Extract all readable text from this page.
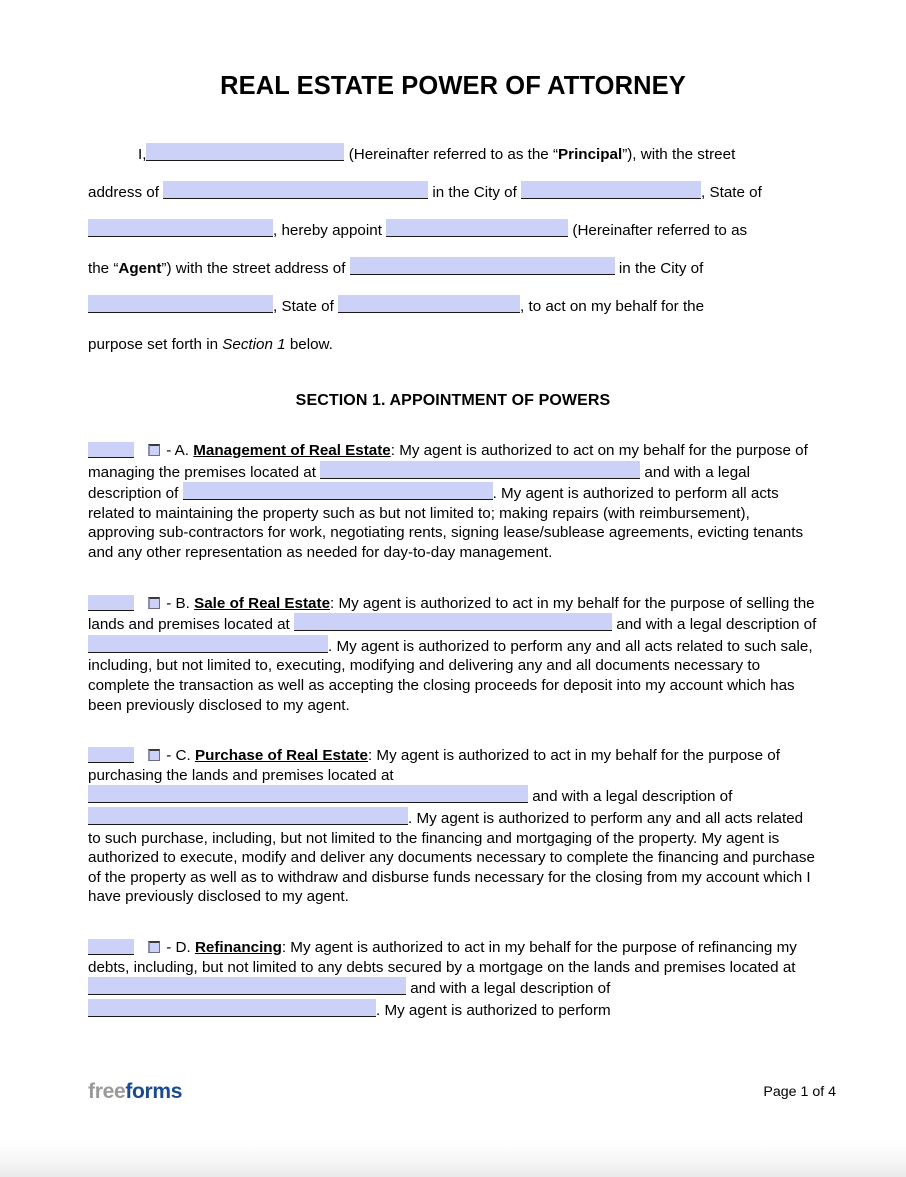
REAL ESTATE POWER OF ATTORNEY
I,	(Hereinafter referred to as the “Principal”), with the street
address of	in the City of	, State of
, hereby appoint	(Hereinafter referred to as
the “Agent”) with the street address of	in the City of
, State of	, to act on my behalf for the
purpose set forth in Section 1 below.
SECTION 1. APPOINTMENT OF POWERS
- A. Management of Real Estate: My agent is authorized to act on my behalf for the purpose of managing the premises located at	and with a legal description of	. My agent is authorized to perform all acts related to maintaining the property such as but not limited to; making repairs (with reimbursement), approving sub-contractors for work, negotiating rents, signing lease/sublease agreements, evicting tenants and any other representation as needed for day-to-day management.
- B. Sale of Real Estate: My agent is authorized to act in my behalf for the purpose of selling the lands and premises located at	and with a legal description of . My agent is authorized to perform any and all acts related to such sale, including, but not limited to, executing, modifying and delivering any and all documents necessary to complete the transaction as well as accepting the closing proceeds for deposit into my account which has been previously disclosed to my agent.
- C. Purchase of Real Estate: My agent is authorized to act in my behalf for the purpose of purchasing the lands and premises located at  and with a legal description of . My agent is authorized to perform any and all acts related to such purchase, including, but not limited to the financing and mortgaging of the property. My agent is authorized to execute, modify and deliver any documents necessary to complete the financing and purchase of the property as well as to withdraw and disburse funds necessary for the closing from my account which I have previously disclosed to my agent.
- D. Refinancing: My agent is authorized to act in my behalf for the purpose of refinancing my debts, including, but not limited to any debts secured by a mortgage on the lands and premises located at  and with a legal description of . My agent is authorized to perform
freeforms	Page 1 of 4
